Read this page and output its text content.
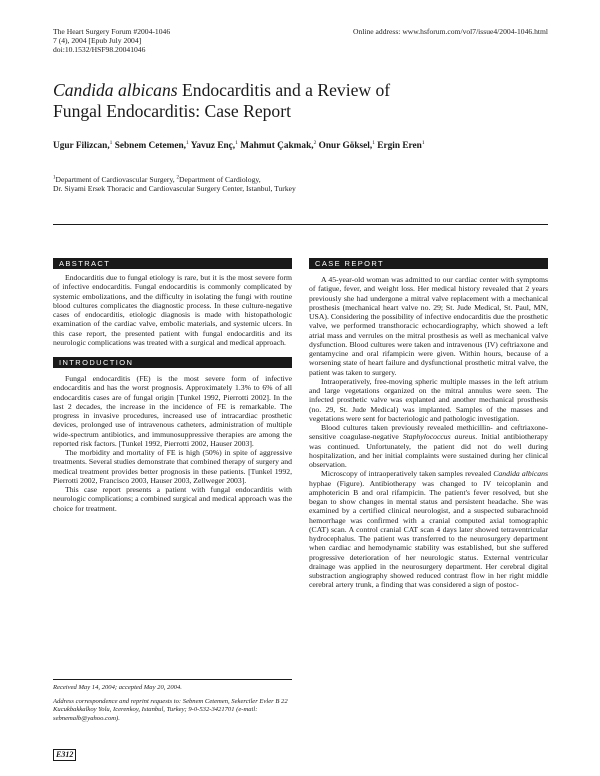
The Heart Surgery Forum #2004-1046
7 (4), 2004 [Epub July 2004]
doi:10.1532/HSF98.20041046
Online address: www.hsforum.com/vol7/issue4/2004-1046.html
Candida albicans Endocarditis and a Review of
Fungal Endocarditis: Case Report
Ugur Filizcan,$^1$ Sebnem Cetemen,$^1$ Yavuz Enç,$^1$ Mahmut Çakmak,$^2$ Onur Göksel,$^1$ Ergin Eren$^1$
$^1$Department of Cardiovascular Surgery, $^2$Department of Cardiology,
Dr. Siyami Ersek Thoracic and Cardiovascular Surgery Center, Istanbul, Turkey
ABSTRACT

Endocarditis due to fungal etiology is rare, but it is the most severe form of infective endocarditis. Fungal endocarditis is commonly complicated by systemic embolizations, and the difficulty in isolating the fungi with routine blood cultures complicates the diagnostic process. In these culture-negative cases of endocarditis, etiologic diagnosis is made with histopathologic examination of the cardiac valve, embolic materials, and systemic ulcers. In this case report, the presented patient with fungal endocarditis and its neurologic complications was treated with a surgical and medical approach.

INTRODUCTION

Fungal endocarditis (FE) is the most severe form of infective endocarditis and has the worst prognosis. Approximately 1.3% to 6% of all endocarditis cases are of fungal origin [Tunkel 1992, Pierrotti 2002]. In the last 2 decades, the increase in the incidence of FE is remarkable. The progress in invasive procedures, increased use of intracardiac prosthetic devices, prolonged use of intravenous catheters, administration of multiple wide-spectrum antibiotics, and immunosuppressive therapies are among the reported risk factors. [Tunkel 1992, Pierrotti 2002, Hauser 2003].

The morbidity and mortality of FE is high (50%) in spite of aggressive treatments. Several studies demonstrate that combined therapy of surgery and medical treatment provides better prognosis in these patients. [Tunkel 1992, Pierrotti 2002, Francisco 2003, Hauser 2003, Zellweger 2003].

This case report presents a patient with fungal endocarditis with neurologic complications; a combined surgical and medical approach was the choice for treatment.

Received May 14, 2004; accepted May 20, 2004.

Address correspondence and reprint requests to: Sebnem Cetemen, Sekerciler Evler B 22 Kucukbakkalkoy Yolu, Icerenkoy, Istanbul, Turkey; 9-0-532-3421701 (e-mail: sebnemalb@yahoo.com).

CASE REPORT

A 45-year-old woman was admitted to our cardiac center with symptoms of fatigue, fever, and weight loss. Her medical history revealed that 2 years previously she had undergone a mitral valve replacement with a mechanical prosthesis (mechanical heart valve no. 29; St. Jude Medical, St. Paul, MN, USA). Considering the possibility of infective endocarditis due the prosthetic valve, we performed transthoracic echocardiography, which showed a left atrial mass and verrules on the mitral prosthesis as well as mechanical valve dysfunction. Blood cultures were taken and intravenous (IV) ceftriaxone and gentamycine and oral rifampicin were given. Within hours, because of a worsening state of heart failure and dysfunctional prosthetic mitral valve, the patient was taken to surgery.

Intraoperatively, free-moving spheric multiple masses in the left atrium and large vegetations organized on the mitral annulus were seen. The infected prosthetic valve was explanted and another mechanical prosthesis (no. 29, St. Jude Medical) was implanted. Samples of the masses and vegetations were sent for bacteriologic and pathologic investigation.

Blood cultures taken previously revealed methicillin- and ceftriaxone-sensitive coagulase-negative Staphylococcus aureus. Initial antibiotherapy was continued. Unfortunately, the patient did not do well during hospitalization, and her initial complaints were sustained during her clinical observation.

Microscopy of intraoperatively taken samples revealed Candida albicans hyphae (Figure). Antibiotherapy was changed to IV teicoplanin and amphotericin B and oral rifampicin. The patient's fever resolved, but she began to show changes in mental status and persistent headache. She was examined by a certified clinical neurologist, and a suspected subarachnoid hemorrhage was confirmed with a cranial computed axial tomographic (CAT) scan. A control cranial CAT scan 4 days later showed tetraventricular hydrocephalus. The patient was transferred to the neurosurgery department when cardiac and hemodynamic stability was established, but she suffered progressive deterioration of her neurologic status. External ventricular drainage was applied in the neurosurgery department. Her cerebral digital substraction angiography showed reduced contrast flow in her right middle cerebral artery trunk, a finding that was considered a sign of postoc-

E312
